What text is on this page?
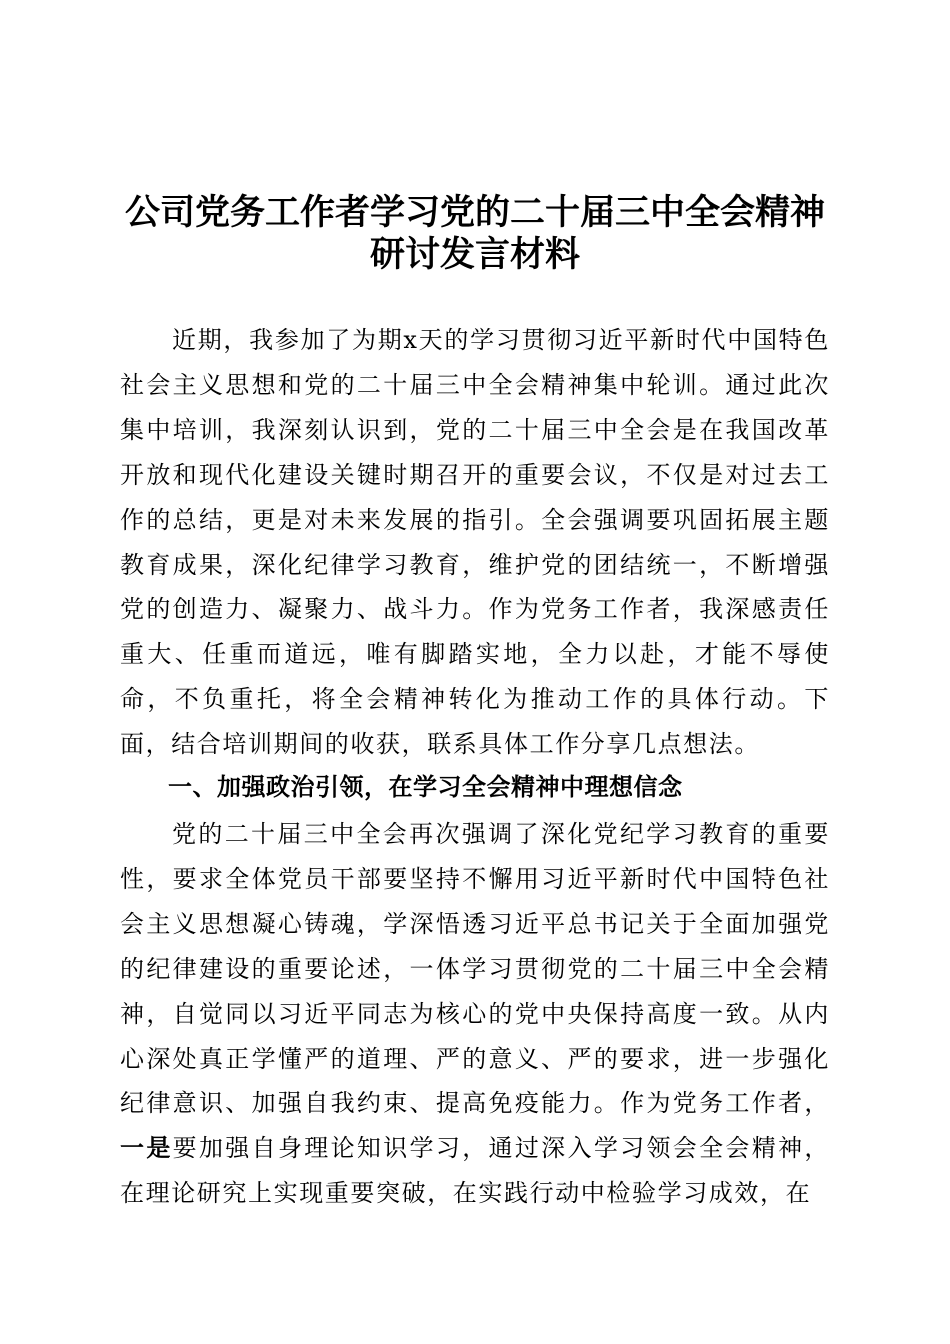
公司党务工作者学习党的二十届三中全会精神
研讨发言材料
近期，我参加了为期x天的学习贯彻习近平新时代中国特色社会主义思想和党的二十届三中全会精神集中轮训。通过此次集中培训，我深刻认识到，党的二十届三中全会是在我国改革开放和现代化建设关键时期召开的重要会议，不仅是对过去工作的总结，更是对未来发展的指引。全会强调要巩固拓展主题教育成果，深化纪律学习教育，维护党的团结统一，不断增强党的创造力、凝聚力、战斗力。作为党务工作者，我深感责任重大、任重而道远，唯有脚踏实地，全力以赴，才能不辱使命，不负重托，将全会精神转化为推动工作的具体行动。下面，结合培训期间的收获，联系具体工作分享几点想法。
一、加强政治引领，在学习全会精神中理想信念
党的二十届三中全会再次强调了深化党纪学习教育的重要性，要求全体党员干部要坚持不懈用习近平新时代中国特色社会主义思想凝心铸魂，学深悟透习近平总书记关于全面加强党的纪律建设的重要论述，一体学习贯彻党的二十届三中全会精神，自觉同以习近平同志为核心的党中央保持高度一致。从内心深处真正学懂严的道理、严的意义、严的要求，进一步强化纪律意识、加强自我约束、提高免疫能力。作为党务工作者，一是要加强自身理论知识学习，通过深入学习领会全会精神，在理论研究上实现重要突破，在实践行动中检验学习成效，在
